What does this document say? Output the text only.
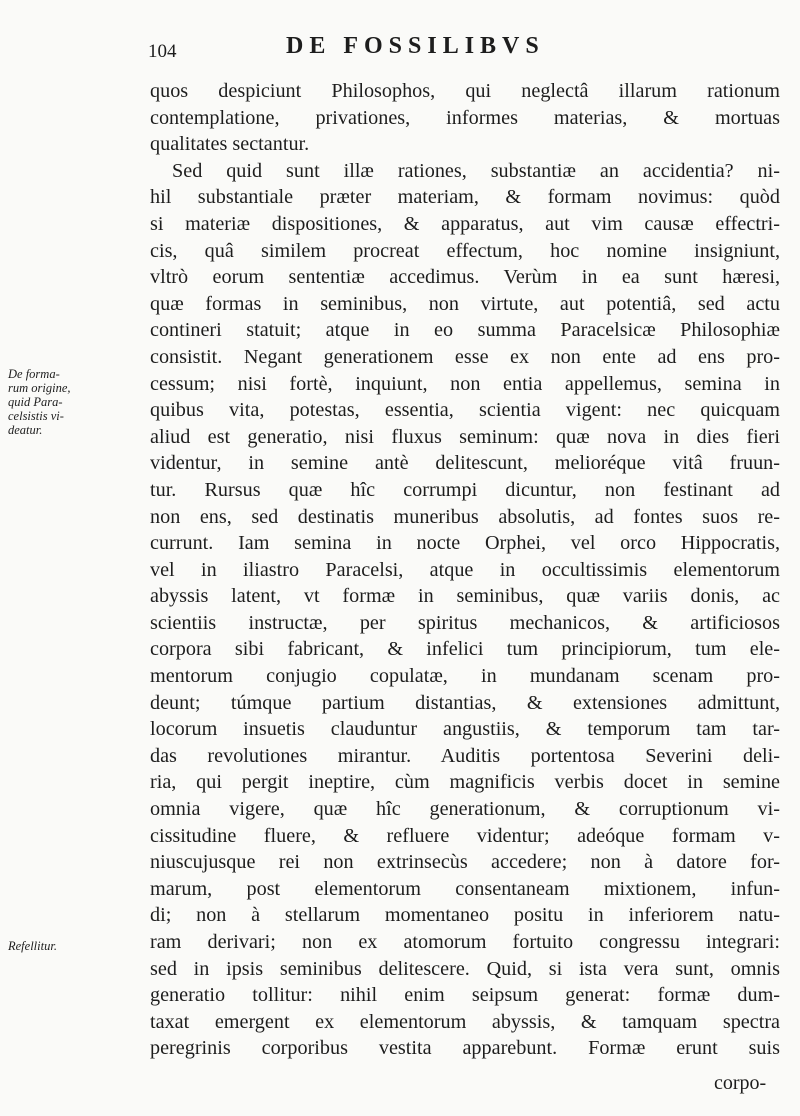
104	DE FOSSILIBVS
De forma-
rum origine,
quid Para-
celsistis vi-
deatur.
Refellitur.
quos despiciunt Philosophos, qui neglectâ illarum rationum
contemplatione, privationes, informes materias, & mortuas
qualitates sectantur.
Sed quid sunt illæ rationes, substantiæ an accidentia? ni-
hil substantiale præter materiam, & formam novimus: quòd
si materiæ dispositiones, & apparatus, aut vim causæ effectri-
cis, quâ similem procreat effectum, hoc nomine insigniunt,
vltrò eorum sententiæ accedimus. Verùm in ea sunt hæresi,
quæ formas in seminibus, non virtute, aut potentiâ, sed actu
contineri statuit; atque in eo summa Paracelsicæ Philosophiæ
consistit. Negant generationem esse ex non ente ad ens pro-
cessum; nisi fortè, inquiunt, non entia appellemus, semina in
quibus vita, potestas, essentia, scientia vigent: nec quicquam
aliud est generatio, nisi fluxus seminum: quæ nova in dies fieri
videntur, in semine antè delitescunt, melioréque vitâ fruun-
tur. Rursus quæ hîc corrumpi dicuntur, non festinant ad
non ens, sed destinatis muneribus absolutis, ad fontes suos re-
currunt. Iam semina in nocte Orphei, vel orco Hippocratis,
vel in iliastro Paracelsi, atque in occultissimis elementorum
abyssis latent, vt formæ in seminibus, quæ variis donis, ac
scientiis instructæ, per spiritus mechanicos, & artificiosos
corpora sibi fabricant, & infelici tum principiorum, tum ele-
mentorum conjugio copulatæ, in mundanam scenam pro-
deunt; túmque partium distantias, & extensiones admittunt,
locorum insuetis clauduntur angustiis, & temporum tam tar-
das revolutiones mirantur. Auditis portentosa Severini deli-
ria, qui pergit ineptire, cùm magnificis verbis docet in semine
omnia vigere, quæ hîc generationum, & corruptionum vi-
cissitudine fluere, & refluere videntur; adeóque formam v-
niuscujusque rei non extrinsecùs accedere; non à datore for-
marum, post elementorum consentaneam mixtionem, infun-
di; non à stellarum momentaneo positu in inferiorem natu-
ram derivari; non ex atomorum fortuito congressu integrari:
sed in ipsis seminibus delitescere. Quid, si ista vera sunt, omnis
generatio tollitur: nihil enim seipsum generat: formæ dum-
taxat emergent ex elementorum abyssis, & tamquam spectra
peregrinis corporibus vestita apparebunt. Formæ erunt suis
corpo-
